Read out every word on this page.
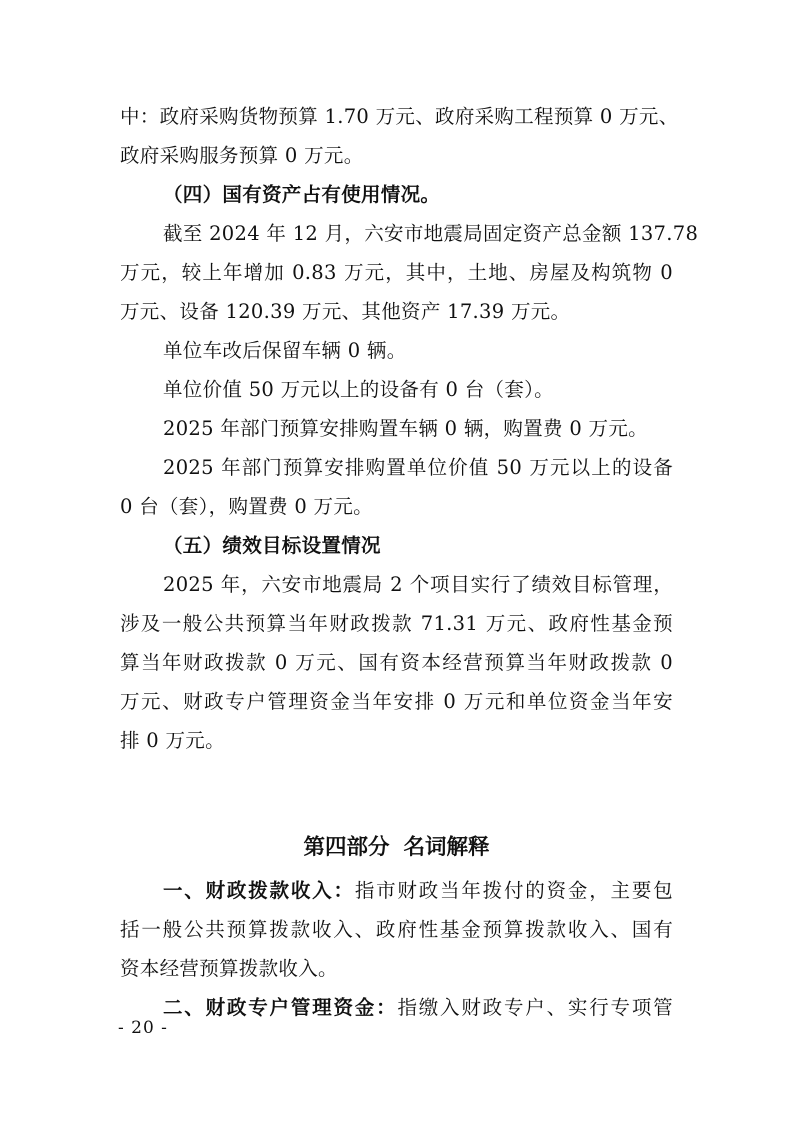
中：政府采购货物预算 1.70 万元、政府采购工程预算 0 万元、
政府采购服务预算 0 万元。
（四）国有资产占有使用情况。
截至 2024 年 12 月，六安市地震局固定资产总金额 137.78
万元，较上年增加 0.83 万元，其中，土地、房屋及构筑物 0
万元、设备 120.39 万元、其他资产 17.39 万元。
单位车改后保留车辆 0 辆。
单位价值 50 万元以上的设备有 0 台（套）。
2025 年部门预算安排购置车辆 0 辆，购置费 0 万元。
2025 年部门预算安排购置单位价值 50 万元以上的设备
0 台（套），购置费 0 万元。
（五）绩效目标设置情况
2025 年，六安市地震局 2 个项目实行了绩效目标管理，
涉及一般公共预算当年财政拨款 71.31 万元、政府性基金预
算当年财政拨款 0 万元、国有资本经营预算当年财政拨款 0
万元、财政专户管理资金当年安排 0 万元和单位资金当年安
排 0 万元。
第四部分 名词解释
一、财政拨款收入：指市财政当年拨付的资金，主要包
括一般公共预算拨款收入、政府性基金预算拨款收入、国有
资本经营预算拨款收入。
二、财政专户管理资金：指缴入财政专户、实行专项管
- 20 -
